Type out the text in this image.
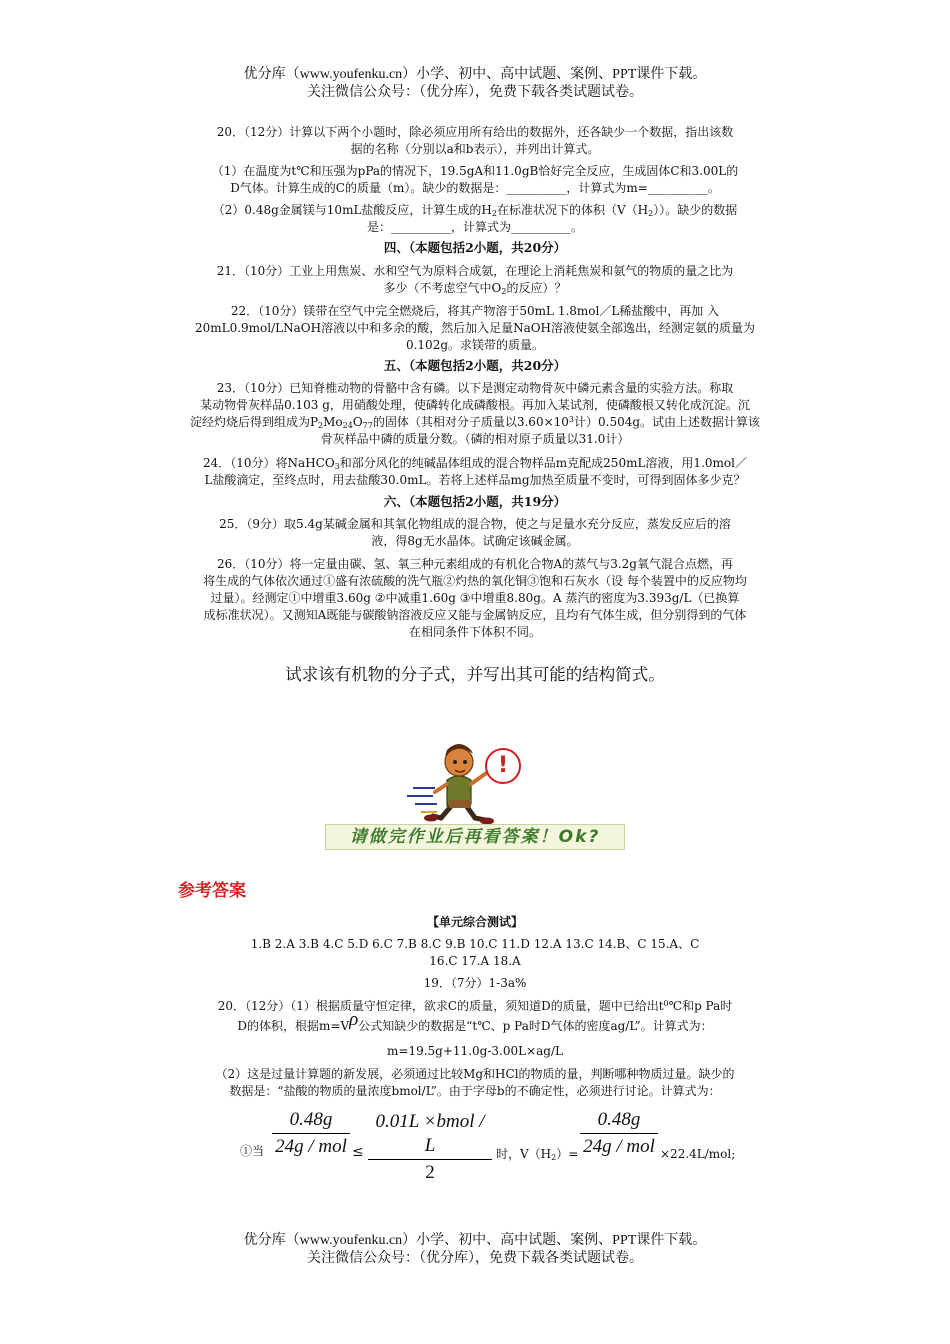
优分库（www.youfenku.cn）小学、初中、高中试题、案例、PPT课件下载。
关注微信公众号：（优分库），免费下载各类试题试卷。
20．（12分）计算以下两个小题时，除必须应用所有给出的数据外，还各缺少一个数据，指出该数
据的名称（分别以a和b表示），并列出计算式。
（1）在温度为t℃和压强为pPa的情况下，19.5gA和11.0gB恰好完全反应，生成固体C和3.00L的
D气体。计算生成的C的质量（m）。缺少的数据是：__________，计算式为m=__________。
（2）0.48g金属镁与10mL盐酸反应，计算生成的$H_2$在标准状况下的体积$(V(H_2))$。缺少的数据
是：__________，计算式为__________。
四、（本题包括2小题，共20分）
21．（10分）工业上用焦炭、水和空气为原料合成氨，在理论上消耗焦炭和氨气的物质的量之比为
多少（不考虑空气中$O_2$的反应）？
22．（10分）镁带在空气中完全燃烧后，将其产物溶于50mL 1.8mol／L稀盐酸中，再加 入
20mL0.9mol/LNaOH溶液以中和多余的酸，然后加入足量NaOH溶液使氨全部逸出，经测定氨的质量为
0.102g。求镁带的质量。
五、（本题包括2小题，共20分）
23．（10分）已知脊椎动物的骨骼中含有磷。以下是测定动物骨灰中磷元素含量的实验方法。称取
某动物骨灰样品0.103 g，用硝酸处理，使磷转化成磷酸根。再加入某试剂，使磷酸根又转化成沉淀。沉
淀经灼烧后得到组成为$P_2Mo_{24}O_{77}$的固体（其相对分子质量以$3.60\times 10^3$计）0.504g。试由上述数据计算该
骨灰样品中磷的质量分数。（磷的相对原子质量以31.0计）
24．（10分）将NaHCO$_3$和部分风化的纯碱晶体组成的混合物样品m克配成250mL溶液，用1.0mol／
L盐酸滴定，至终点时，用去盐酸30.0mL。若将上述样品mg加热至质量不变时，可得到固体多少克？
六、（本题包括2小题，共19分）
25．（9分）取5.4g某碱金属和其氧化物组成的混合物，使之与足量水充分反应，蒸发反应后的溶
液，得8g无水晶体。试确定该碱金属。
26．（10分）将一定量由碳、氢、氧三种元素组成的有机化合物A的蒸气与3.2g氧气混合点燃，再
将生成的气体依次通过①盛有浓硫酸的洗气瓶②灼热的氧化铜③饱和石灰水（设 每个装置中的反应物均
过量）。经测定①中增重3.60g ②中减重1.60g ③中增重8.80g。A 蒸汽的密度为3.393g/L（已换算
成标准状况）。又测知A既能与碳酸钠溶液反应又能与金属钠反应，且均有气体生成，但分别得到的气体
在相同条件下体积不同。
试求该有机物的分子式，并写出其可能的结构简式。
!
请做完作业后再看答案！Ok?
参考答案
【单元综合测试】
1.B 2.A 3.B 4.C 5.D 6.C 7.B 8.C 9.B 10.C 11.D 12.A 13.C 14.B、C 15.A、C
16.C 17.A 18.A
19．（7分）1-3a%
20．（12分）（1）根据质量守恒定律，欲求C的质量，须知道D的质量，题中已给出$t^0℃$和p Pa时
D的体积，根据m=Vρ公式知缺少的数据是“t℃、p Pa时D气体的密度ag/L”。计算式为：
m=19.5g+11.0g-3.00L×ag/L
（2）这是过量计算题的新发展，必须通过比较Mg和HCl的物质的量，判断哪种物质过量。缺少的
数据是：“盐酸的物质的量浓度bmol/L”。由于字母b的不确定性，必须进行讨论。计算式为：
①当
0.48g
24g / mol ≤
0.01L ×bmol / L
2
时，$V(H_2)=$
0.48g
24g / mol ×22.4L/mol;
优分库（www.youfenku.cn）小学、初中、高中试题、案例、PPT课件下载。
关注微信公众号：（优分库），免费下载各类试题试卷。
